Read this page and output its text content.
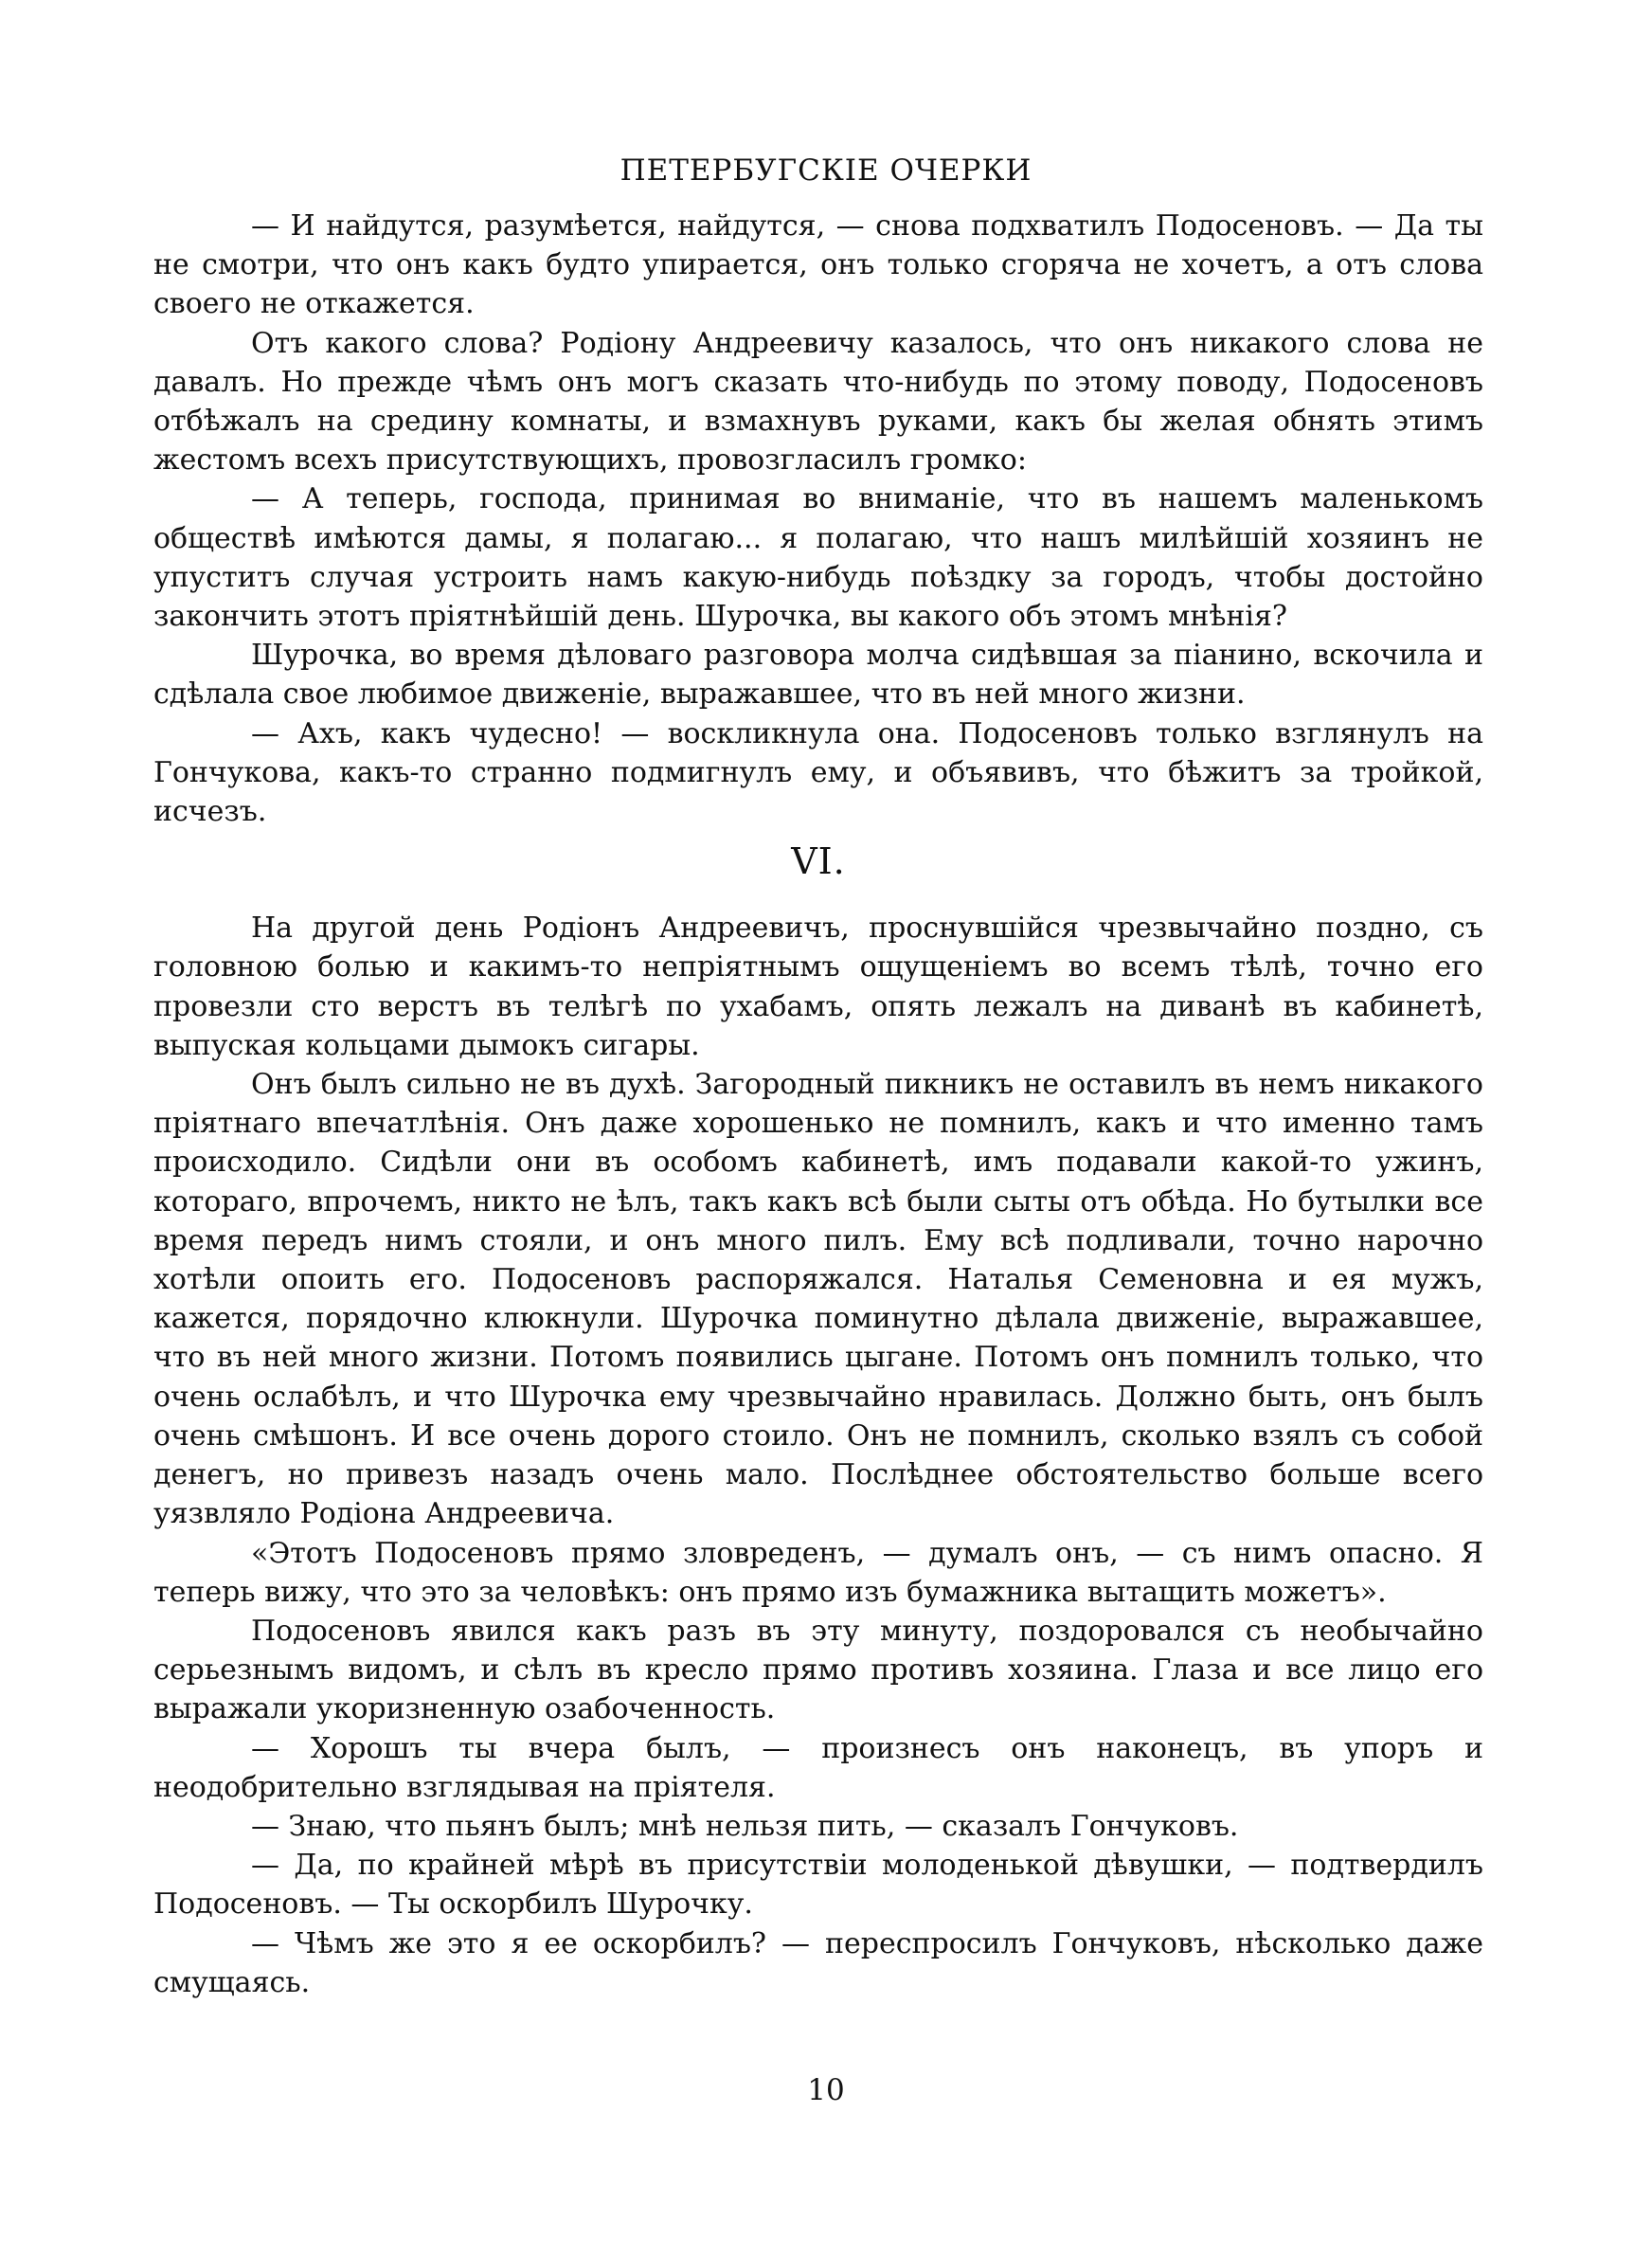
ПЕТЕРБУГСКІЕ ОЧЕРКИ

— И найдутся, разумѣется, найдутся, — снова подхватилъ Подосеновъ. — Да ты не смотри, что онъ какъ будто упирается, онъ только сгоряча не хочетъ, а отъ слова своего не откажется.

Отъ какого слова? Родіону Андреевичу казалось, что онъ никакого слова не давалъ. Но прежде чѣмъ онъ могъ сказать что-нибудь по этому поводу, Подосеновъ отбѣжалъ на средину комнаты, и взмахнувъ руками, какъ бы желая обнять этимъ жестомъ всехъ присутствующихъ, провозгласилъ громко:

— А теперь, господа, принимая во вниманіе, что въ нашемъ маленькомъ обществѣ имѣются дамы, я полагаю... я полагаю, что нашъ милѣйшій хозяинъ не упуститъ случая устроить намъ какую-нибудь поѣздку за городъ, чтобы достойно закончить этотъ пріятнѣйшій день. Шурочка, вы какого объ этомъ мнѣнія?

Шурочка, во время дѣловаго разговора молча сидѣвшая за піанино, вскочила и сдѣлала свое любимое движеніе, выражавшее, что въ ней много жизни.

— Ахъ, какъ чудесно! — воскликнула она. Подосеновъ только взглянулъ на Гончукова, какъ-то странно подмигнулъ ему, и объявивъ, что бѣжитъ за тройкой, исчезъ.

VI.

На другой день Родіонъ Андреевичъ, проснувшійся чрезвычайно поздно, съ головною болью и какимъ-то непріятнымъ ощущеніемъ во всемъ тѣлѣ, точно его провезли сто верстъ въ телѣгѣ по ухабамъ, опять лежалъ на диванѣ въ кабинетѣ, выпуская кольцами дымокъ сигары.

Онъ былъ сильно не въ духѣ. Загородный пикникъ не оставилъ въ немъ никакого пріятнаго впечатлѣнія. Онъ даже хорошенько не помнилъ, какъ и что именно тамъ происходило. Сидѣли они въ особомъ кабинетѣ, имъ подавали какой-то ужинъ, котораго, впрочемъ, никто не ѣлъ, такъ какъ всѣ были сыты отъ обѣда. Но бутылки все время передъ нимъ стояли, и онъ много пилъ. Ему всѣ подливали, точно нарочно хотѣли опоить его. Подосеновъ распоряжался. Наталья Семеновна и ея мужъ, кажется, порядочно клюкнули. Шурочка поминутно дѣлала движеніе, выражавшее, что въ ней много жизни. Потомъ появились цыгане. Потомъ онъ помнилъ только, что очень ослабѣлъ, и что Шурочка ему чрезвычайно нравилась. Должно быть, онъ былъ очень смѣшонъ. И все очень дорого стоило. Онъ не помнилъ, сколько взялъ съ собой денегъ, но привезъ назадъ очень мало. Послѣднее обстоятельство больше всего уязвляло Родіона Андреевича.

«Этотъ Подосеновъ прямо зловреденъ, — думалъ онъ, — съ нимъ опасно. Я теперь вижу, что это за человѣкъ: онъ прямо изъ бумажника вытащить можетъ».

Подосеновъ явился какъ разъ въ эту минуту, поздоровался съ необычайно серьезнымъ видомъ, и сѣлъ въ кресло прямо противъ хозяина. Глаза и все лицо его выражали укоризненную озабоченность.

— Хорошъ ты вчера былъ, — произнесъ онъ наконецъ, въ упоръ и неодобрительно взглядывая на пріятеля.

— Знаю, что пьянъ былъ; мнѣ нельзя пить, — сказалъ Гончуковъ.

— Да, по крайней мѣрѣ въ присутствіи молоденькой дѣвушки, — подтвердилъ Подосеновъ. — Ты оскорбилъ Шурочку.

— Чѣмъ же это я ее оскорбилъ? — переспросилъ Гончуковъ, нѣсколько даже смущаясь.

10
